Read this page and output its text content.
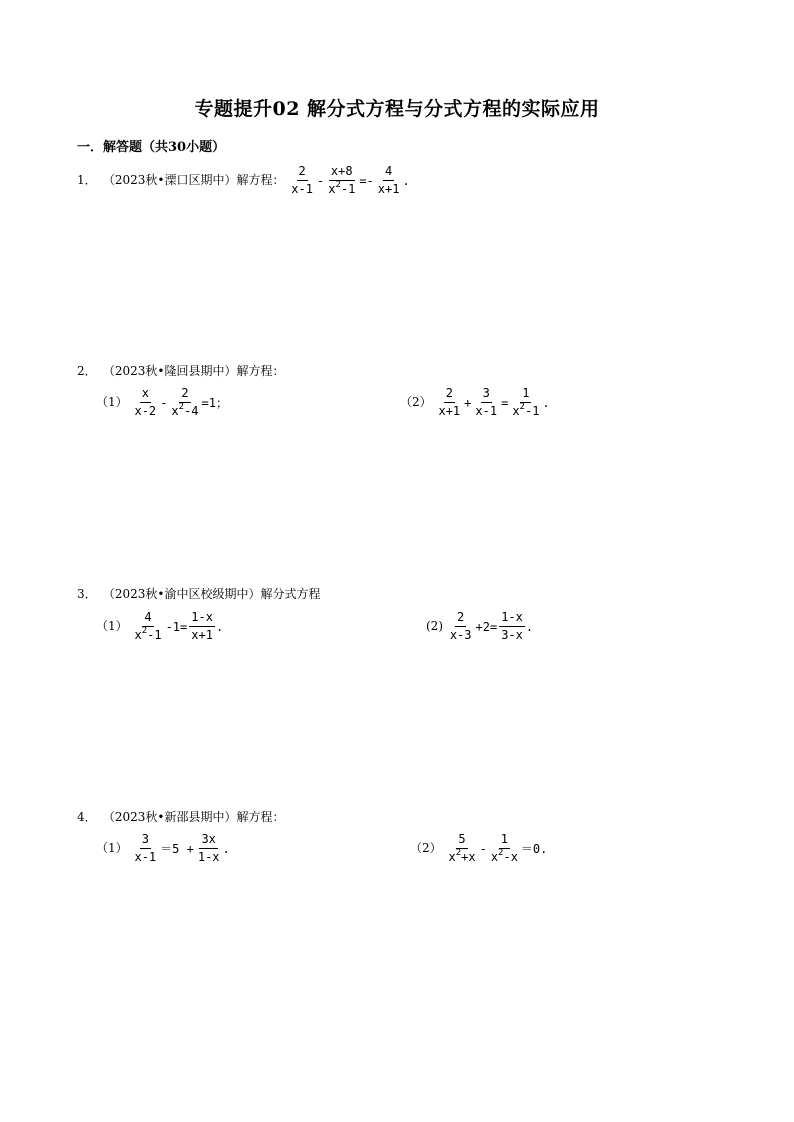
专题提升02 解分式方程与分式方程的实际应用
一．解答题（共30小题）
1． （2023秋•溧口区期中）解方程： $\frac{2}{x-1} - \frac{x+8}{x^2-1} =- \frac{4}{x+1}$ .
2． （2023秋•隆回县期中）解方程：
$(1) \frac{x}{x-2} - \frac{2}{x^2-4} =1$；	$(2) \frac{2}{x+1} + \frac{3}{x-1} = \frac{1}{x^2-1}$ .
3． （2023秋•渝中区校级期中）解分式方程
$(1) \frac{4}{x^2-1} -1= \frac{1-x}{x+1}$ .	$(2) \frac{2}{x-3} +2= \frac{1-x}{3-x}$ .
4． （2023秋•新邵县期中）解方程：
$(1) \frac{3}{x-1} =5 + \frac{3x}{1-x}$ .	$(2) \frac{5}{x^2+x} - \frac{1}{x^2-x} =0$.
